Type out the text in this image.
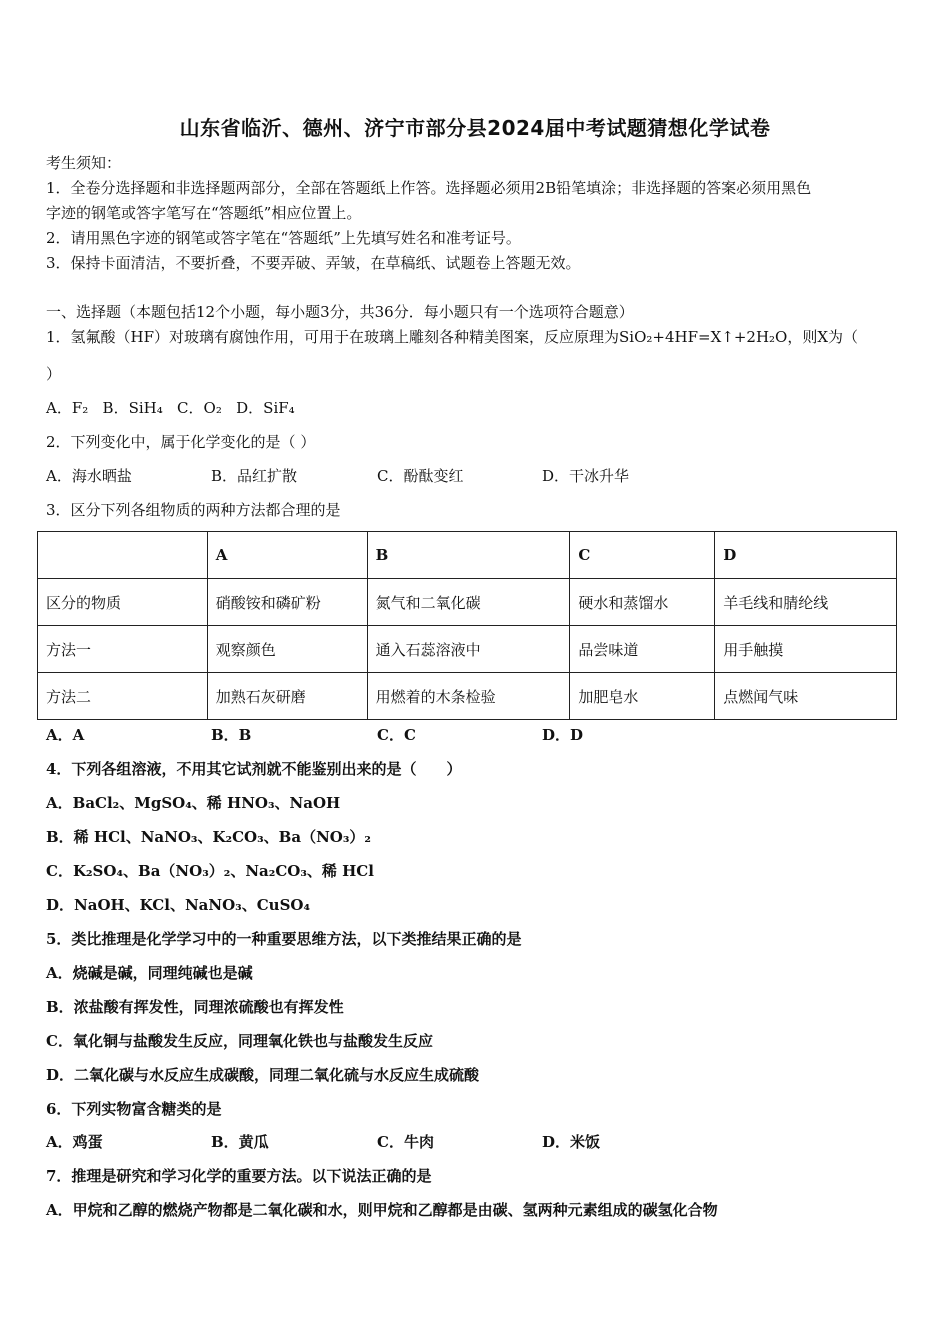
山东省临沂、德州、济宁市部分县2024届中考试题猜想化学试卷
考生须知：
1．全卷分选择题和非选择题两部分，全部在答题纸上作答。选择题必须用2B铅笔填涂；非选择题的答案必须用黑色
字迹的钢笔或答字笔写在“答题纸”相应位置上。
2．请用黑色字迹的钢笔或答字笔在“答题纸”上先填写姓名和准考证号。
3．保持卡面清洁，不要折叠，不要弄破、弄皱，在草稿纸、试题卷上答题无效。
一、选择题（本题包括12个小题，每小题3分，共36分．每小题只有一个选项符合题意）
1．氢氟酸（HF）对玻璃有腐蚀作用，可用于在玻璃上雕刻各种精美图案，反应原理为SiO₂+4HF=X↑+2H₂O，则X为（
）
A．F₂   B．SiH₄   C．O₂   D．SiF₄
2．下列变化中，属于化学变化的是（ ）
A．海水晒盐	B．品红扩散	C．酚酞变红	D．干冰升华
3．区分下列各组物质的两种方法都合理的是
	A	B	C	D
区分的物质	硝酸铵和磷矿粉	氮气和二氧化碳	硬水和蒸馏水	羊毛线和腈纶线
方法一	观察颜色	通入石蕊溶液中	品尝味道	用手触摸
方法二	加熟石灰研磨	用燃着的木条检验	加肥皂水	点燃闻气味
A．A	B．B	C．C	D．D
4．下列各组溶液，不用其它试剂就不能鉴别出来的是（　　）
A．BaCl₂、MgSO₄、稀 HNO₃、NaOH
B．稀 HCl、NaNO₃、K₂CO₃、Ba（NO₃）₂
C．K₂SO₄、Ba（NO₃）₂、Na₂CO₃、稀 HCl
D．NaOH、KCl、NaNO₃、CuSO₄
5．类比推理是化学学习中的一种重要思维方法，以下类推结果正确的是
A．烧碱是碱，同理纯碱也是碱
B．浓盐酸有挥发性，同理浓硫酸也有挥发性
C．氧化铜与盐酸发生反应，同理氧化铁也与盐酸发生反应
D．二氧化碳与水反应生成碳酸，同理二氧化硫与水反应生成硫酸
6．下列实物富含糖类的是
A．鸡蛋	B．黄瓜	C．牛肉	D．米饭
7．推理是研究和学习化学的重要方法。以下说法正确的是
A．甲烷和乙醇的燃烧产物都是二氧化碳和水，则甲烷和乙醇都是由碳、氢两种元素组成的碳氢化合物
